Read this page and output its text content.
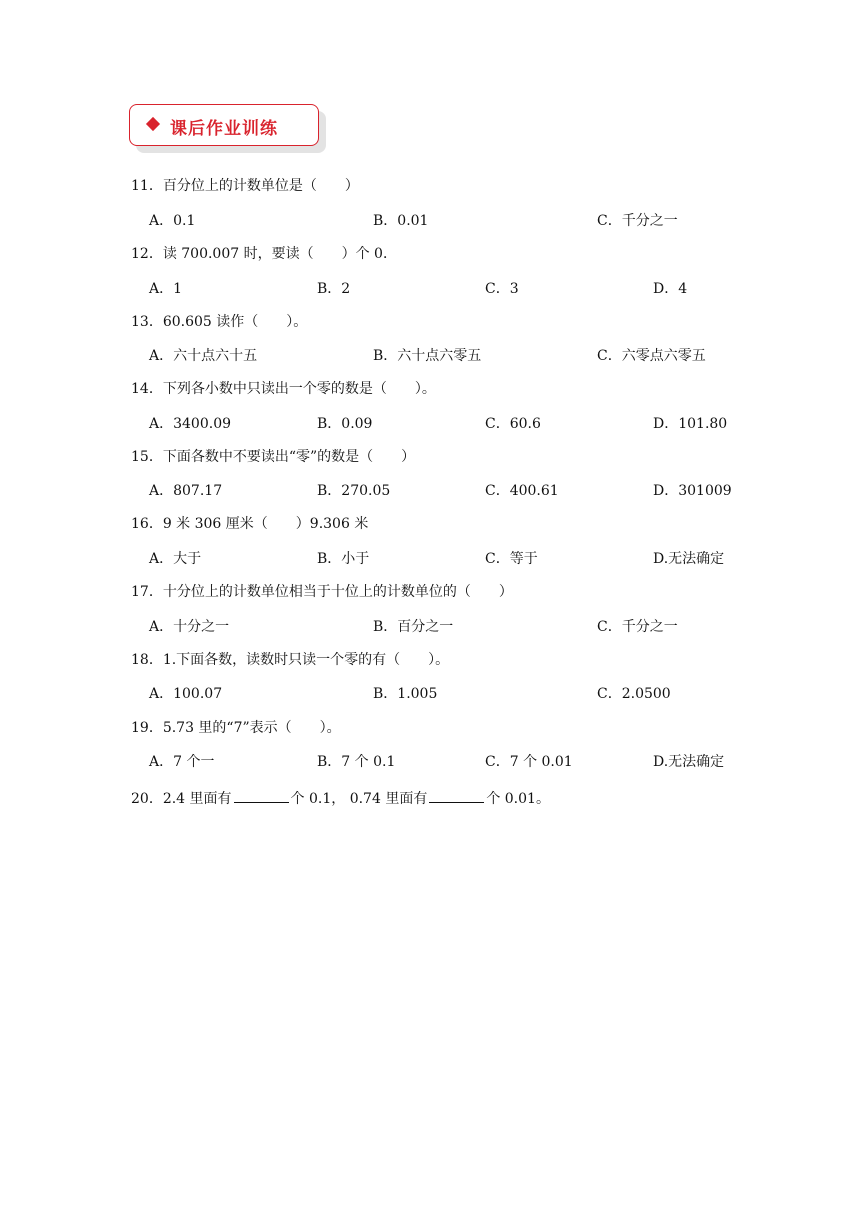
课后作业训练
11．百分位上的计数单位是（　　）
A．0.1	B．0.01	C．千分之一
12．读 700.007 时，要读（　　）个 0．
A．1	B．2	C．3	D．4
13．60.605 读作（　　）。
A．六十点六十五	B．六十点六零五	C．六零点六零五
14．下列各小数中只读出一个零的数是（　　）。
A．3400.09	B．0.09	C．60.6	D．101.80
15．下面各数中不要读出“零”的数是（　　）
A．807.17	B．270.05	C．400.61	D．301009
16．9 米 306 厘米（　　）9.306 米
A．大于	B．小于	C．等于	D.无法确定
17．十分位上的计数单位相当于十位上的计数单位的（　　）
A．十分之一	B．百分之一	C．千分之一
18．1.下面各数，读数时只读一个零的有（　　）。
A．100.07	B．1.005	C．2.0500
19．5.73 里的“7”表示（　　）。
A．7 个一	B．7 个 0.1	C．7 个 0.01	D.无法确定
20．2.4 里面有	个 0.1， 0.74 里面有	个 0.01。
